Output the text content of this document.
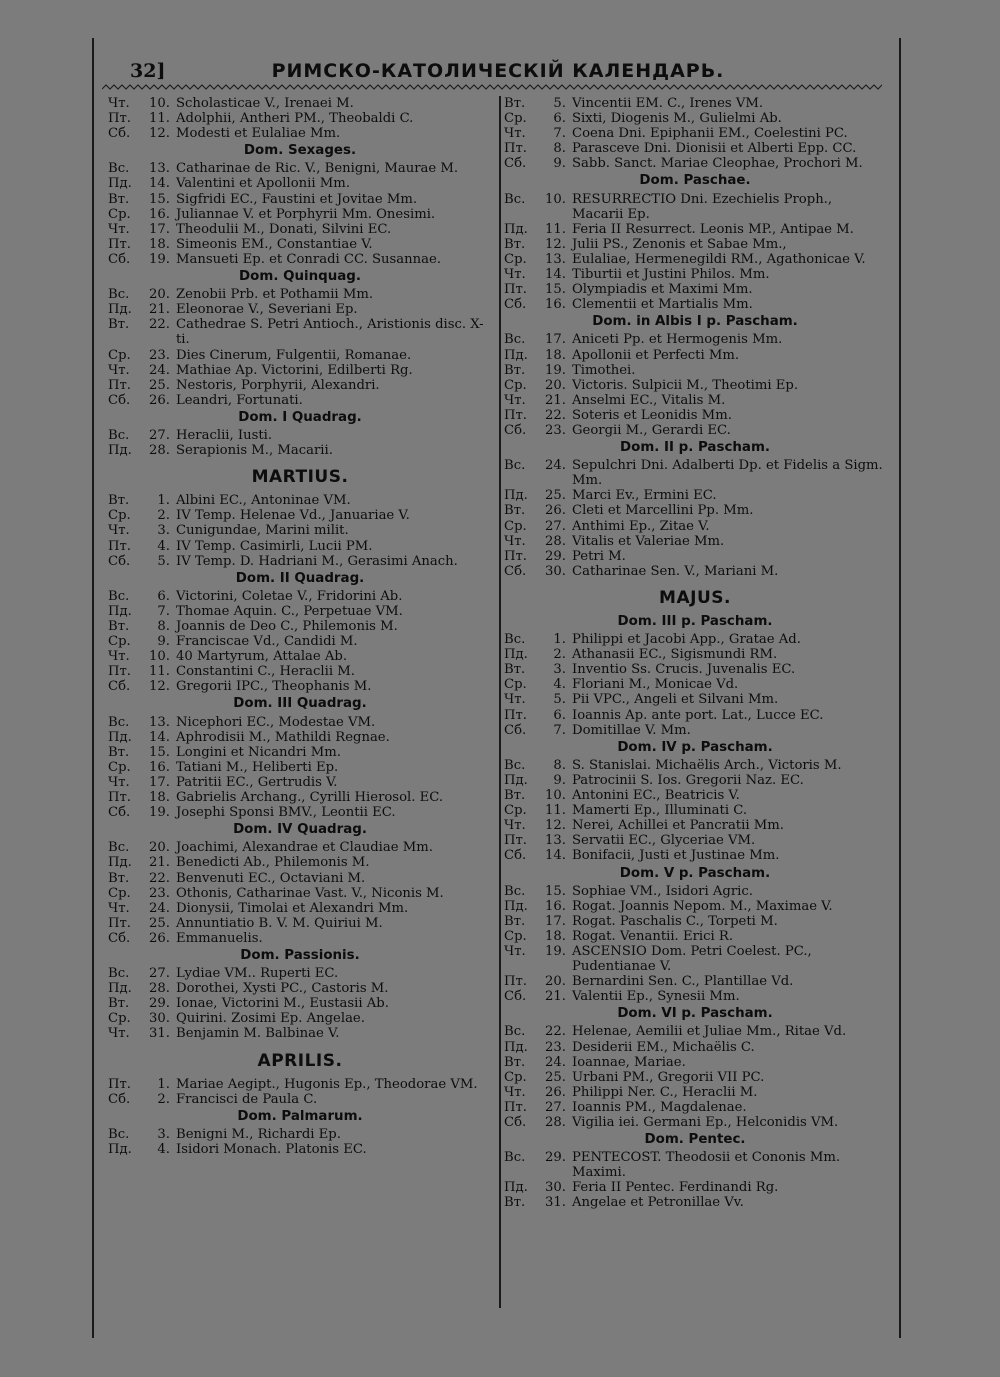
32]	РИМСКО-КАТОЛИЧЕСКІЙ КАЛЕНДАРЬ.
Чт.	10. Scholasticae V., Irenaei M.
Пт.	11. Adolphii, Antheri PM., Theobaldi C.
Сб.	12. Modesti et Eulaliae Mm.
Dom. Sexages.
Вс.	13. Catharinae de Ric. V., Benigni, Maurae M.
Пд.	14. Valentini et Apollonii Mm.
Вт.	15. Sigfridi EC., Faustini et Jovitae Mm.
Ср.	16. Juliannae V. et Porphyrii Mm. Onesimi.
Чт.	17. Theodulii M., Donati, Silvini EC.
Пт.	18. Simeonis EM., Constantiae V.
Сб.	19. Mansueti Ep. et Conradi CC. Susannae.
Dom. Quinquag.
Вс.	20. Zenobii Prb. et Pothamii Mm.
Пд.	21. Eleonorae V., Severiani Ep.
Вт.	22. Cathedrae S. Petri Antioch., Aristionis disc. X-ti.
Ср.	23. Dies Cinerum, Fulgentii, Romanae.
Чт.	24. Mathiae Ap. Victorini, Edilberti Rg.
Пт.	25. Nestoris, Porphyrii, Alexandri.
Сб.	26. Leandri, Fortunati.
Dom. I Quadrag.
Вс.	27. Heraclii, Iusti.
Пд.	28. Serapionis M., Macarii.
MARTIUS.
Вт.	1. Albini EC., Antoninae VM.
Ср.	2. IV Temp. Helenae Vd., Januariae V.
Чт.	3. Cunigundae, Marini milit.
Пт.	4. IV Temp. Casimirli, Lucii PM.
Сб.	5. IV Temp. D. Hadriani M., Gerasimi Anach.
Dom. II Quadrag.
Вс.	6. Victorini, Coletae V., Fridorini Ab.
Пд.	7. Thomae Aquin. C., Perpetuae VM.
Вт.	8. Joannis de Deo C., Philemonis M.
Ср.	9. Franciscae Vd., Candidi M.
Чт.	10. 40 Martyrum, Attalae Ab.
Пт.	11. Constantini C., Heraclii M.
Сб.	12. Gregorii IPC., Theophanis M.
Dom. III Quadrag.
Вс.	13. Nicephori EC., Modestae VM.
Пд.	14. Aphrodisii M., Mathildi Regnae.
Вт.	15. Longini et Nicandri Mm.
Ср.	16. Tatiani M., Heliberti Ep.
Чт.	17. Patritii EC., Gertrudis V.
Пт.	18. Gabrielis Archang., Cyrilli Hierosol. EC.
Сб.	19. Josephi Sponsi BMV., Leontii EC.
Dom. IV Quadrag.
Вс.	20. Joachimi, Alexandrae et Claudiae Mm.
Пд.	21. Benedicti Ab., Philemonis M.
Вт.	22. Benvenuti EC., Octaviani M.
Ср.	23. Othonis, Catharinae Vast. V., Niconis M.
Чт.	24. Dionysii, Timolai et Alexandri Mm.
Пт.	25. Annuntiatio B. V. M. Quiriui M.
Сб.	26. Emmanuelis.
Dom. Passionis.
Вс.	27. Lydiae VM.. Ruperti EC.
Пд.	28. Dorothei, Xysti PC., Castoris M.
Вт.	29. Ionae, Victorini M., Eustasii Ab.
Ср.	30. Quirini. Zosimi Ep. Angelae.
Чт.	31. Benjamin M. Balbinae V.
APRILIS.
Пт.	1. Mariae Aegipt., Hugonis Ep., Theodorae VM.
Сб.	2. Francisci de Paula C.
Dom. Palmarum.
Вс.	3. Benigni M., Richardi Ep.
Пд.	4. Isidori Monach. Platonis EC.
Вт.	5. Vincentii EM. C., Irenes VM.
Ср.	6. Sixti, Diogenis M., Gulielmi Ab.
Чт.	7. Coena Dni. Epiphanii EM., Coelestini PC.
Пт.	8. Parasceve Dni. Dionisii et Alberti Epp. CC.
Сб.	9. Sabb. Sanct. Mariae Cleophae, Prochori M.
Dom. Paschae.
Вс.	10. RESURRECTIO Dni. Ezechielis Proph., Macarii Ep.
Пд.	11. Feria II Resurrect. Leonis MP., Antipae M.
Вт.	12. Julii PS., Zenonis et Sabae Mm.,
Ср.	13. Eulaliae, Hermenegildi RM., Agathonicae V.
Чт.	14. Tiburtii et Justini Philos. Mm.
Пт.	15. Olympiadis et Maximi Mm.
Сб.	16. Clementii et Martialis Mm.
Dom. in Albis I p. Pascham.
Вс.	17. Aniceti Pp. et Hermogenis Mm.
Пд.	18. Apollonii et Perfecti Mm.
Вт.	19. Timothei.
Ср.	20. Victoris. Sulpicii M., Theotimi Ep.
Чт.	21. Anselmi EC., Vitalis M.
Пт.	22. Soteris et Leonidis Mm.
Сб.	23. Georgii M., Gerardi EC.
Dom. II p. Pascham.
Вс.	24. Sepulchri Dni. Adalberti Dp. et Fidelis a Sigm. Mm.
Пд.	25. Marci Ev., Ermini EC.
Вт.	26. Cleti et Marcellini Pp. Mm.
Ср.	27. Anthimi Ep., Zitae V.
Чт.	28. Vitalis et Valeriae Mm.
Пт.	29. Petri M.
Сб.	30. Catharinae Sen. V., Mariani M.
MAJUS.
Dom. III p. Pascham.
Вс.	1. Philippi et Jacobi App., Gratae Ad.
Пд.	2. Athanasii EC., Sigismundi RM.
Вт.	3. Inventio Ss. Crucis. Juvenalis EC.
Ср.	4. Floriani M., Monicae Vd.
Чт.	5. Pii VPC., Angeli et Silvani Mm.
Пт.	6. Ioannis Ap. ante port. Lat., Lucce EC.
Сб.	7. Domitillae V. Mm.
Dom. IV p. Pascham.
Вс.	8. S. Stanislai. Michaëlis Arch., Victoris M.
Пд.	9. Patrocinii S. Ios. Gregorii Naz. EC.
Вт.	10. Antonini EC., Beatricis V.
Ср.	11. Mamerti Ep., Illuminati C.
Чт.	12. Nerei, Achillei et Pancratii Mm.
Пт.	13. Servatii EC., Glyceriae VM.
Сб.	14. Bonifacii, Justi et Justinae Mm.
Dom. V p. Pascham.
Вс.	15. Sophiae VM., Isidori Agric.
Пд.	16. Rogat. Joannis Nepom. M., Maximae V.
Вт.	17. Rogat. Paschalis C., Torpeti M.
Ср.	18. Rogat. Venantii. Erici R.
Чт.	19. ASCENSIO Dom. Petri Coelest. PC., Pudentianae V.
Пт.	20. Bernardini Sen. C., Plantillae Vd.
Сб.	21. Valentii Ep., Synesii Mm.
Dom. VI p. Pascham.
Вс.	22. Helenae, Aemilii et Juliae Mm., Ritae Vd.
Пд.	23. Desiderii EM., Michaëlis C.
Вт.	24. Ioannae, Mariae.
Ср.	25. Urbani PM., Gregorii VII PC.
Чт.	26. Philippi Ner. C., Heraclii M.
Пт.	27. Ioannis PM., Magdalenae.
Сб.	28. Vigilia iei. Germani Ep., Helconidis VM.
Dom. Pentec.
Вс.	29. PENTECOST. Theodosii et Cononis Mm. Maximi.
Пд.	30. Feria II Pentec. Ferdinandi Rg.
Вт.	31. Angelae et Petronillae Vv.
